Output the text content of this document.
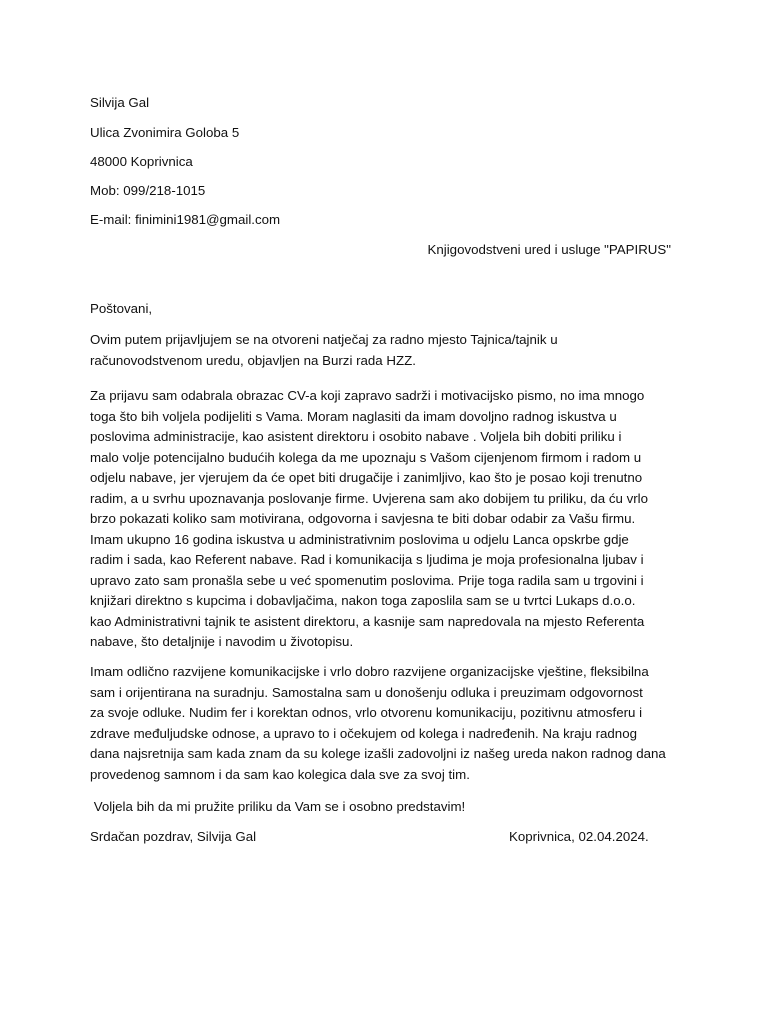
Silvija Gal
Ulica Zvonimira Goloba 5
48000 Koprivnica
Mob: 099/218-1015
E-mail: finimini1981@gmail.com
Knjigovodstveni ured i usluge "PAPIRUS"
Poštovani,
Ovim putem prijavljujem se na otvoreni natječaj za radno mjesto Tajnica/tajnik u
računovodstvenom uredu, objavljen na Burzi rada HZZ.
Za prijavu sam odabrala obrazac CV-a koji zapravo sadrži i motivacijsko pismo, no ima mnogo
toga što bih voljela podijeliti s Vama. Moram naglasiti da imam dovoljno radnog iskustva u
poslovima administracije, kao asistent direktoru i osobito nabave . Voljela bih dobiti priliku i
malo volje potencijalno budućih kolega da me upoznaju s Vašom cijenjenom firmom i radom u
odjelu nabave, jer vjerujem da će opet biti drugačije i zanimljivo, kao što je posao koji trenutno
radim, a u svrhu upoznavanja poslovanje firme. Uvjerena sam ako dobijem tu priliku, da ću vrlo
brzo pokazati koliko sam motivirana, odgovorna i savjesna te biti dobar odabir za Vašu firmu.
Imam ukupno 16 godina iskustva u administrativnim poslovima u odjelu Lanca opskrbe gdje
radim i sada, kao Referent nabave. Rad i komunikacija s ljudima je moja profesionalna ljubav i
upravo zato sam pronašla sebe u već spomenutim poslovima. Prije toga radila sam u trgovini i
knjižari direktno s kupcima i dobavljačima, nakon toga zaposlila sam se u tvrtci Lukaps d.o.o.
kao Administrativni tajnik te asistent direktoru, a kasnije sam napredovala na mjesto Referenta
nabave, što detaljnije i navodim u životopisu.
Imam odlično razvijene komunikacijske i vrlo dobro razvijene organizacijske vještine, fleksibilna
sam i orijentirana na suradnju. Samostalna sam u donošenju odluka i preuzimam odgovornost
za svoje odluke. Nudim fer i korektan odnos, vrlo otvorenu komunikaciju, pozitivnu atmosferu i
zdrave međuljudske odnose, a upravo to i očekujem od kolega i nadređenih. Na kraju radnog
dana najsretnija sam kada znam da su kolege izašli zadovoljni iz našeg ureda nakon radnog dana
provedenog samnom i da sam kao kolegica dala sve za svoj tim.
Voljela bih da mi pružite priliku da Vam se i osobno predstavim!
Srdačan pozdrav, Silvija Gal	Koprivnica, 02.04.2024.
